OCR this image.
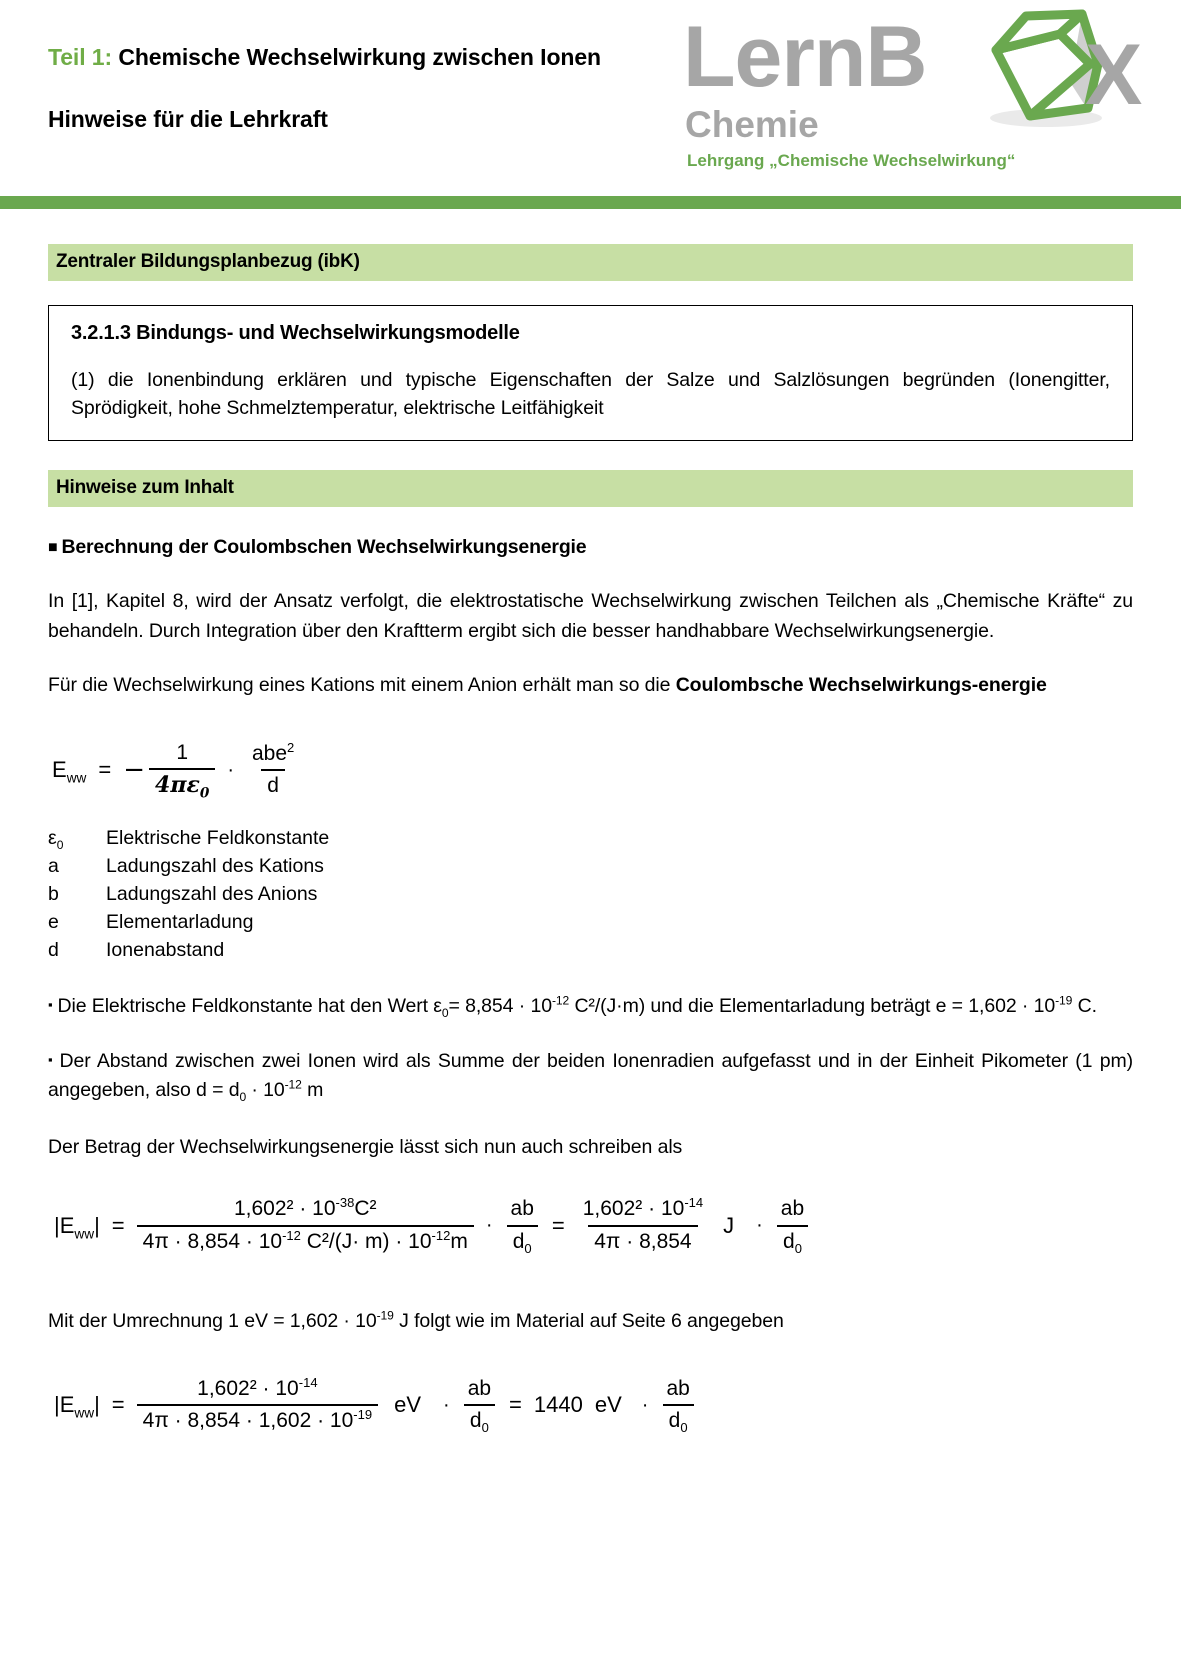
Teil 1: Chemische Wechselwirkung zwischen Ionen
Hinweise für die Lehrkraft
LernB X
Chemie
Lehrgang „Chemische Wechselwirkung“
Zentraler Bildungsplanbezug (ibK)
3.2.1.3 Bindungs- und Wechselwirkungsmodelle
(1) die Ionenbindung erklären und typische Eigenschaften der Salze und Salzlösungen begründen (Ionengitter, Sprödigkeit, hohe Schmelztemperatur, elektrische Leitfähigkeit
Hinweise zum Inhalt
■ Berechnung der Coulombschen Wechselwirkungsenergie
In [1], Kapitel 8, wird der Ansatz verfolgt, die elektrostatische Wechselwirkung zwischen Teilchen als „Chemische Kräfte“ zu behandeln. Durch Integration über den Kraftterm ergibt sich die besser handhabbare Wechselwirkungsenergie.
Für die Wechselwirkung eines Kations mit einem Anion erhält man so die Coulombsche Wechselwirkungs-energie
$E_{ww}$ = − $\frac{1}{4\pi\varepsilon_0} \cdot \frac{abe^2}{d}$
$\varepsilon_0$	Elektrische Feldkonstante
a	Ladungszahl des Kations
b	Ladungszahl des Anions
e	Elementarladung
d	Ionenabstand
▪ Die Elektrische Feldkonstante hat den Wert $\varepsilon_0= 8,854 \cdot 10^{-12}$ C²/(J·m) und die Elementarladung beträgt $e = 1,602 \cdot 10^{-19}$ C.
▪ Der Abstand zwischen zwei Ionen wird als Summe der beiden Ionenradien aufgefasst und in der Einheit Pikometer (1 pm) angegeben, also $d = d_0 \cdot 10^{-12}$ m
Der Betrag der Wechselwirkungsenergie lässt sich nun auch schreiben als
$|E_{ww}| = \frac{1,602^2 \cdot 10^{-38}C^2}{4\pi \cdot 8,854 \cdot 10^{-12} C^2/(J\cdot m) \cdot 10^{-12}m} \cdot \frac{ab}{d_0} = \frac{1,602^2 \cdot 10^{-14}}{4\pi \cdot 8,854}$ $J \cdot \frac{ab}{d_0}$
Mit der Umrechnung 1 eV = $1,602 \cdot 10^{-19}$ J folgt wie im Material auf Seite 6 angegeben
$|E_{ww}| = \frac{1,602^2 \cdot 10^{-14}}{4\pi \cdot 8,854 \cdot 1,602 \cdot 10^{-19}}$ eV · $\frac{ab}{d_0} = 1440$ eV · $\frac{ab}{d_0}$
